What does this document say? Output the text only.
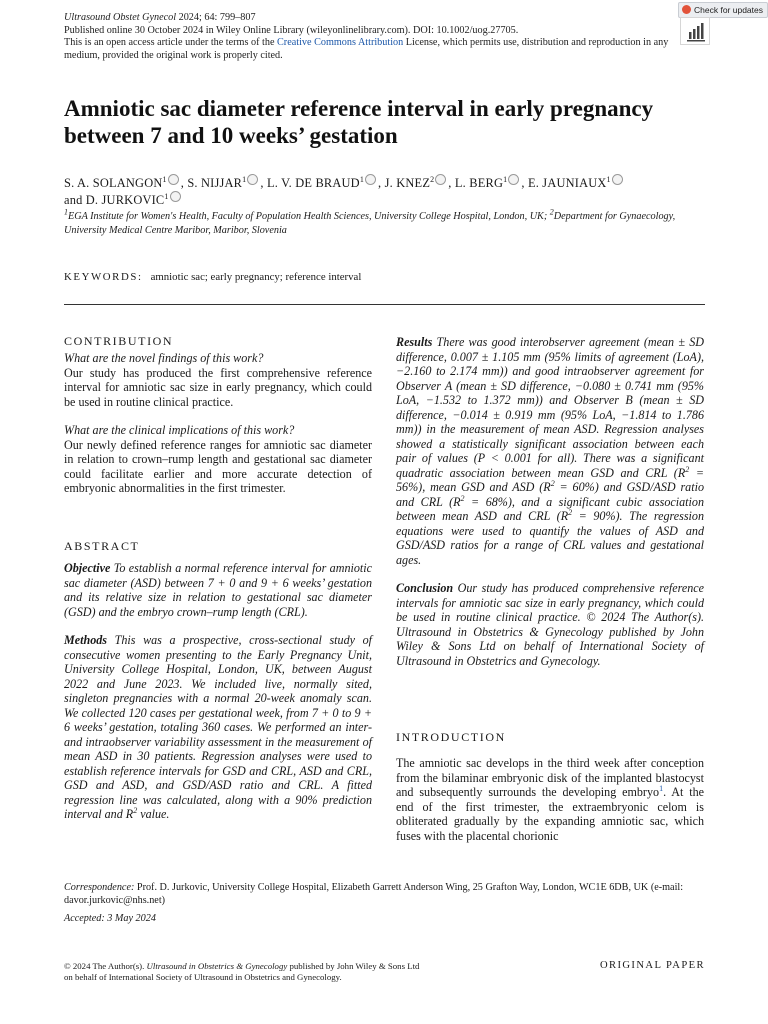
Ultrasound Obstet Gynecol 2024; 64: 799–807
Published online 30 October 2024 in Wiley Online Library (wileyonlinelibrary.com). DOI: 10.1002/uog.27705.
This is an open access article under the terms of the Creative Commons Attribution License, which permits use, distribution and reproduction in any medium, provided the original work is properly cited.
Check for updates
Amniotic sac diameter reference interval in early pregnancy between 7 and 10 weeks’ gestation
S. A. SOLANGON$^1$ , S. NIJJAR$^1$ , L. V. DE BRAUD$^1$ , J. KNEZ$^2$ , L. BERG$^1$ , E. JAUNIAUX$^1$
and D. JURKOVIC$^1$
$^1$EGA Institute for Women's Health, Faculty of Population Health Sciences, University College Hospital, London, UK; $^2$Department for Gynaecology, University Medical Centre Maribor, Maribor, Slovenia
KEYWORDS: amniotic sac; early pregnancy; reference interval
CONTRIBUTION

What are the novel findings of this work?

Our study has produced the first comprehensive reference interval for amniotic sac size in early pregnancy, which could be used in routine clinical practice.

What are the clinical implications of this work?

Our newly defined reference ranges for amniotic sac diameter in relation to crown–rump length and gestational sac diameter could facilitate earlier and more accurate detection of embryonic abnormalities in the first trimester.

ABSTRACT

Objective To establish a normal reference interval for amniotic sac diameter (ASD) between 7 + 0 and 9 + 6 weeks’ gestation and its relative size in relation to gestational sac diameter (GSD) and the embryo crown–rump length (CRL).

Methods This was a prospective, cross-sectional study of consecutive women presenting to the Early Pregnancy Unit, University College Hospital, London, UK, between August 2022 and June 2023. We included live, normally sited, singleton pregnancies with a normal 20-week anomaly scan. We collected 120 cases per gestational week, from 7 + 0 to 9 + 6 weeks’ gestation, totaling 360 cases. We performed an inter- and intraobserver variability assessment in the measurement of mean ASD in 30 patients. Regression analyses were used to establish reference intervals for GSD and CRL, ASD and CRL, GSD and ASD, and GSD/ASD ratio and CRL. A fitted regression line was calculated, along with a 90% prediction interval and $R^2$ value.

Results There was good interobserver agreement (mean ± SD difference, 0.007 ± 1.105 mm (95% limits of agreement (LoA), −2.160 to 2.174 mm)) and good intraobserver agreement for Observer A (mean ± SD difference, −0.080 ± 0.741 mm (95% LoA, −1.532 to 1.372 mm)) and Observer B (mean ± SD difference, −0.014 ± 0.919 mm (95% LoA, −1.814 to 1.786 mm)) in the measurement of mean ASD. Regression analyses showed a statistically significant association between each pair of values (P < 0.001 for all). There was a significant quadratic association between mean GSD and CRL $(R^2 = 56\%)$, mean GSD and ASD $(R^2 = 60\%)$ and GSD/ASD ratio and CRL $(R^2 = 68\%)$, and a significant cubic association between mean ASD and CRL $(R^2 = 90\%)$. The regression equations were used to quantify the values of ASD and GSD/ASD ratios for a range of CRL values and gestational ages.

Conclusion Our study has produced comprehensive reference intervals for amniotic sac size in early pregnancy, which could be used in routine clinical practice. © 2024 The Author(s). Ultrasound in Obstetrics & Gynecology published by John Wiley & Sons Ltd on behalf of International Society of Ultrasound in Obstetrics and Gynecology.

INTRODUCTION

The amniotic sac develops in the third week after conception from the bilaminar embryonic disk of the implanted blastocyst and subsequently surrounds the developing embryo$^1$. At the end of the first trimester, the extraembryonic celom is obliterated gradually by the expanding amniotic sac, which fuses with the placental chorionic

Correspondence: Prof. D. Jurkovic, University College Hospital, Elizabeth Garrett Anderson Wing, 25 Grafton Way, London, WC1E 6DB, UK (e-mail: davor.jurkovic@nhs.net)
Accepted: 3 May 2024
© 2024 The Author(s). Ultrasound in Obstetrics & Gynecology published by John Wiley & Sons Ltd
on behalf of International Society of Ultrasound in Obstetrics and Gynecology.
ORIGINAL PAPER
